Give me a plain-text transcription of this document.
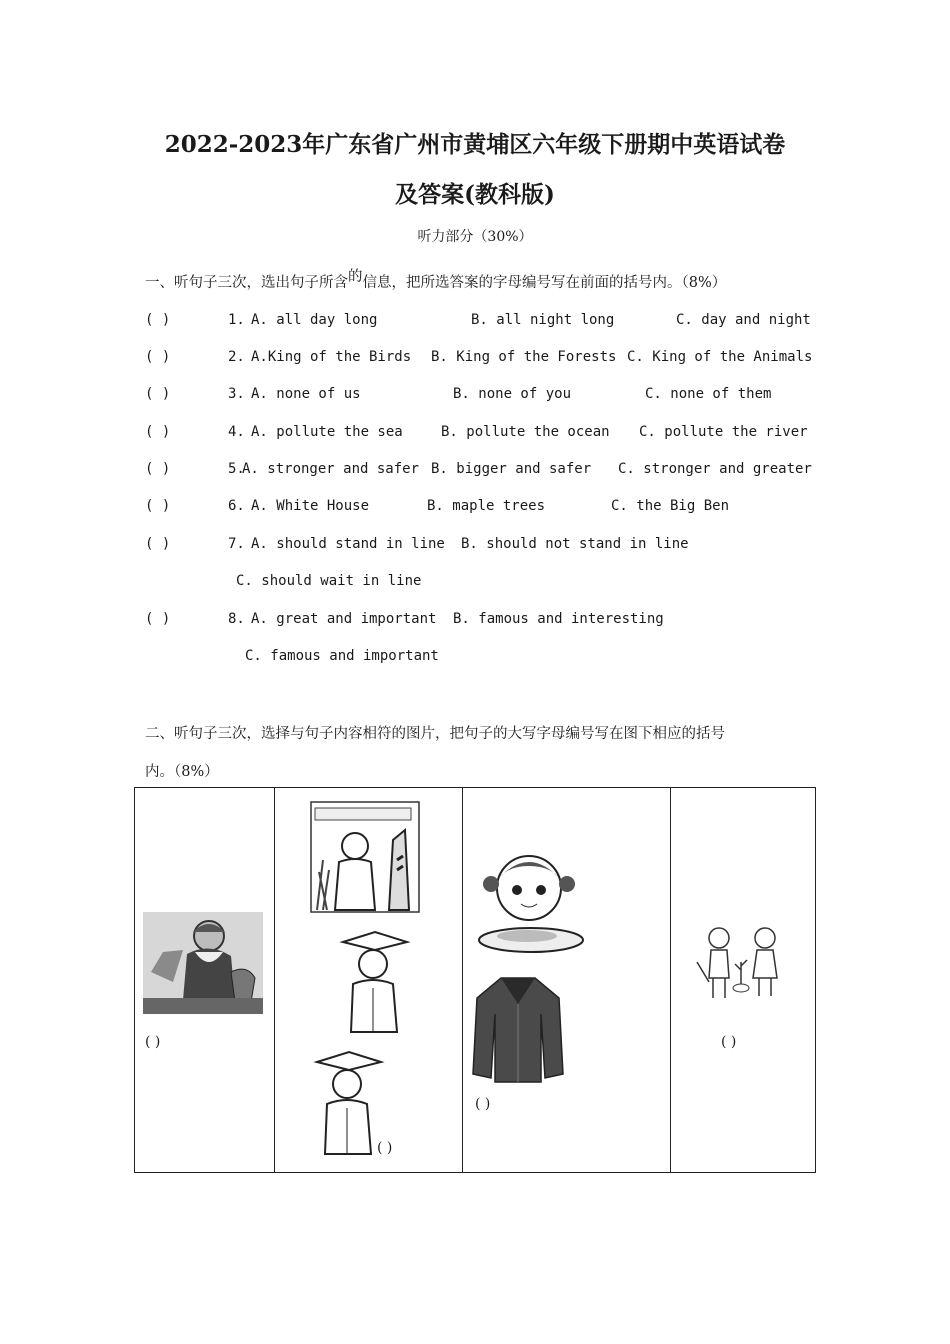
2022-2023年广东省广州市黄埔区六年级下册期中英语试卷
及答案(教科版)
听力部分（30%）
一、听句子三次，选出句子所含的信息，把所选答案的字母编号写在前面的括号内。（8%）
( )	1. A. all day long	B. all night long	C. day and night
( )	2. A.King of the Birds B. King of the Forests C. King of the Animals
( )	3. A. none of us	B. none of you	C. none of them
( )	4. A. pollute the sea	B. pollute the ocean C. pollute the river
( )	5.
A. stronger and safer B. bigger and safer C. stronger and greater
( )	6. A. White House	B. maple trees	C. the Big Ben
( )	7. A. should stand in line B. should not stand in line
C. should wait in line
( )	8. A. great and important B. famous and interesting
C. famous and important
二、听句子三次，选择与句子内容相符的图片，把句子的大写字母编号写在图下相应的括号
内。（8%）
( )

( )

( )

( )
